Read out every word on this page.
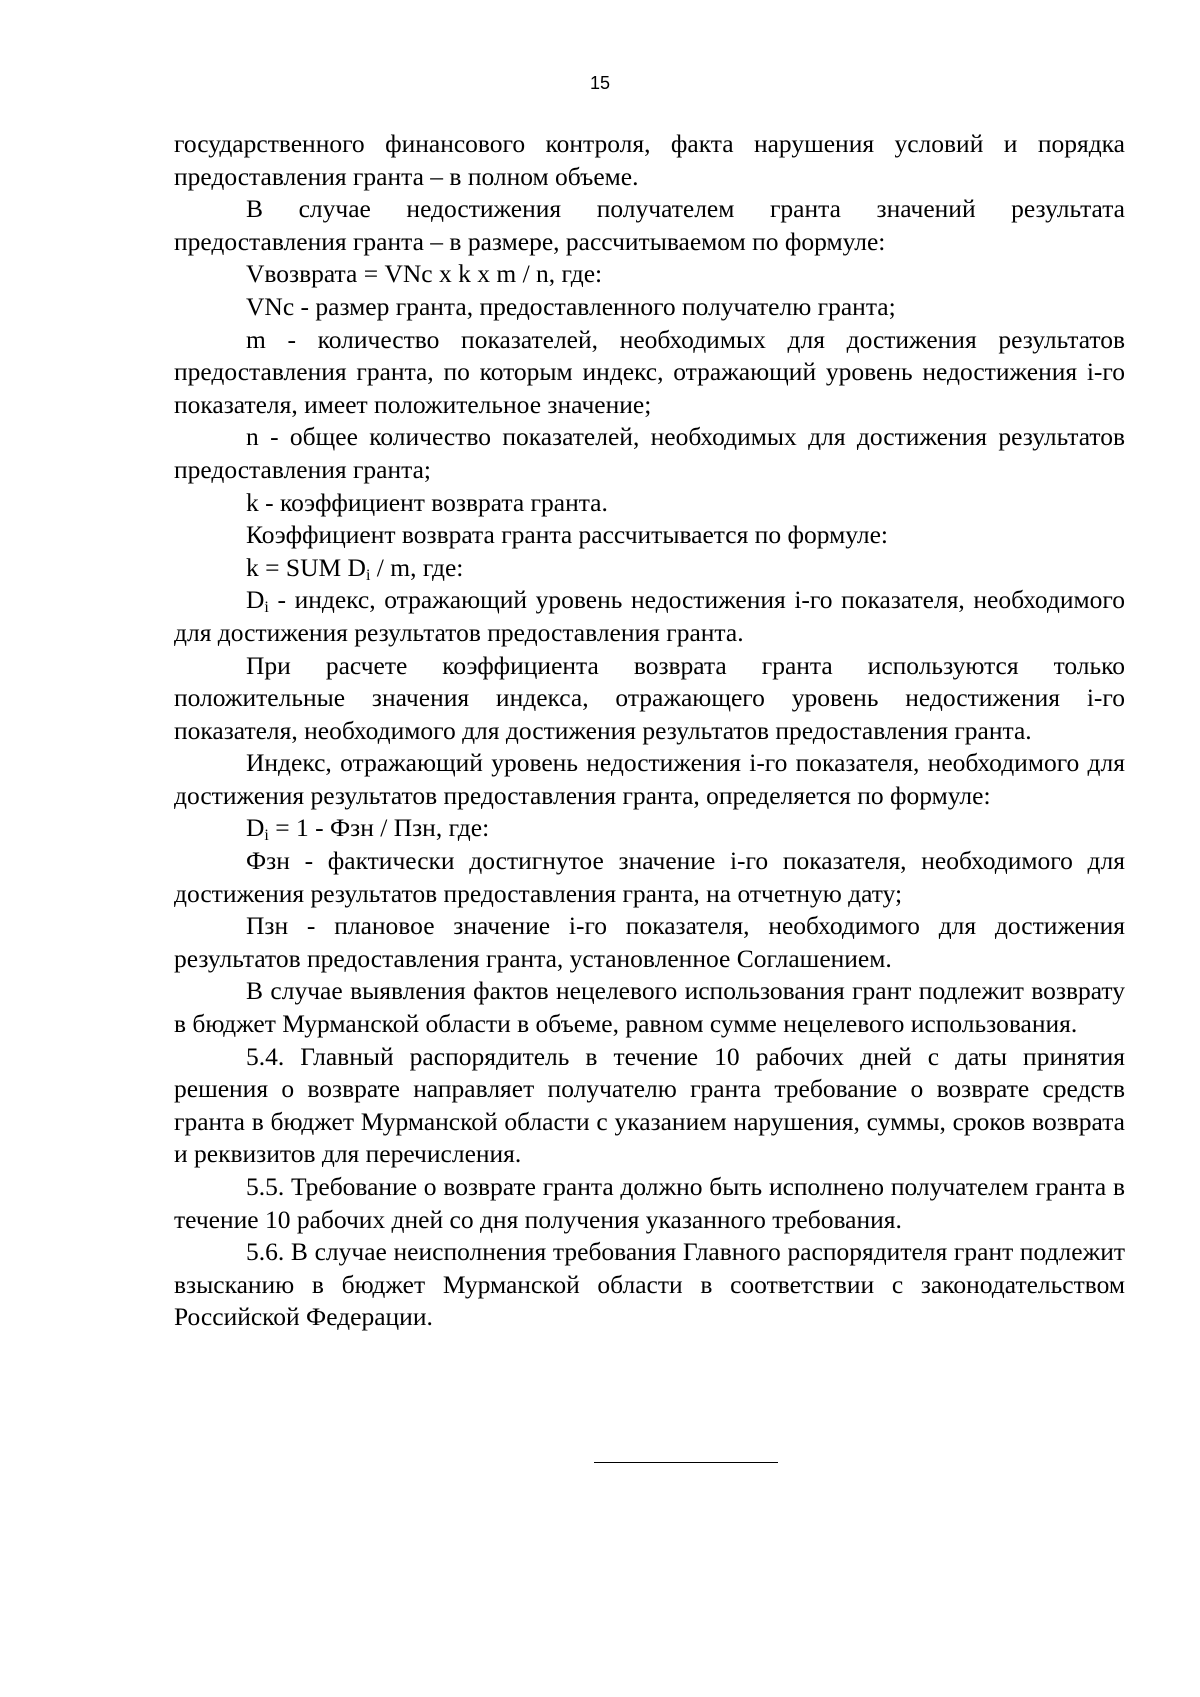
15

государственного финансового контроля, факта нарушения условий и порядка предоставления гранта – в полном объеме.

В случае недостижения получателем гранта значений результата предоставления гранта – в размере, рассчитываемом по формуле:

Vвозврата = VNc x k x m / n, где:

VNc - размер гранта, предоставленного получателю гранта;

m - количество показателей, необходимых для достижения результатов предоставления гранта, по которым индекс, отражающий уровень недостижения i-го показателя, имеет положительное значение;

n - общее количество показателей, необходимых для достижения результатов предоставления гранта;

k - коэффициент возврата гранта.

Коэффициент возврата гранта рассчитывается по формуле:

k = SUM $D_i$ / m, где:

$D_i$ - индекс, отражающий уровень недостижения i-го показателя, необходимого для достижения результатов предоставления гранта.

При расчете коэффициента возврата гранта используются только положительные значения индекса, отражающего уровень недостижения i-го показателя, необходимого для достижения результатов предоставления гранта.

Индекс, отражающий уровень недостижения i-го показателя, необходимого для достижения результатов предоставления гранта, определяется по формуле:

$D_i = 1$ - Фзн / Пзн, где:

Фзн - фактически достигнутое значение i-го показателя, необходимого для достижения результатов предоставления гранта, на отчетную дату;

Пзн - плановое значение i-го показателя, необходимого для достижения результатов предоставления гранта, установленное Соглашением.

В случае выявления фактов нецелевого использования грант подлежит возврату в бюджет Мурманской области в объеме, равном сумме нецелевого использования.

5.4. Главный распорядитель в течение 10 рабочих дней с даты принятия решения о возврате направляет получателю гранта требование о возврате средств гранта в бюджет Мурманской области с указанием нарушения, суммы, сроков возврата и реквизитов для перечисления.

5.5. Требование о возврате гранта должно быть исполнено получателем гранта в течение 10 рабочих дней со дня получения указанного требования.

5.6. В случае неисполнения требования Главного распорядителя грант подлежит взысканию в бюджет Мурманской области в соответствии с законодательством Российской Федерации.
